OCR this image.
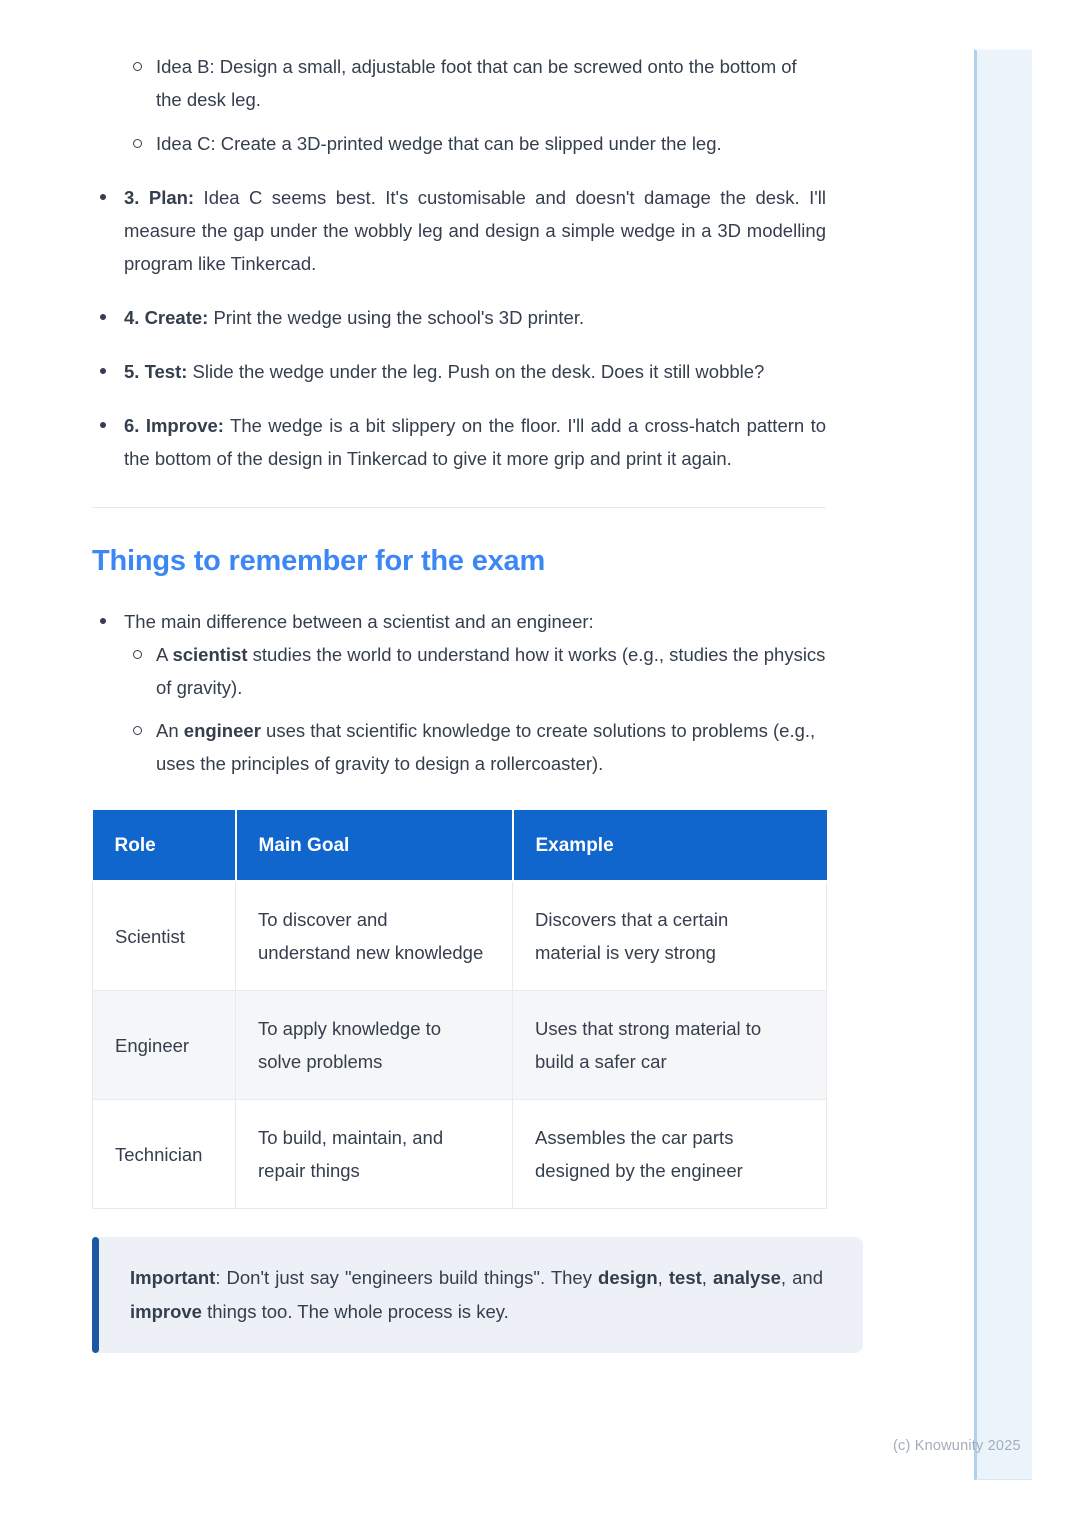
(c) Knowunity 2025
Idea B: Design a small, adjustable foot that can be screwed onto the bottom of the desk leg.
Idea C: Create a 3D-printed wedge that can be slipped under the leg.
3. Plan: Idea C seems best. It's customisable and doesn't damage the desk. I'll measure the gap under the wobbly leg and design a simple wedge in a 3D modelling program like Tinkercad.
4. Create: Print the wedge using the school's 3D printer.
5. Test: Slide the wedge under the leg. Push on the desk. Does it still wobble?
6. Improve: The wedge is a bit slippery on the floor. I'll add a cross-hatch pattern to the bottom of the design in Tinkercad to give it more grip and print it again.
Things to remember for the exam
The main difference between a scientist and an engineer:
A scientist studies the world to understand how it works (e.g., studies the physics of gravity).
An engineer uses that scientific knowledge to create solutions to problems (e.g., uses the principles of gravity to design a rollercoaster).
Role	Main Goal	Example
Scientist	To discover and understand new knowledge	Discovers that a certain material is very strong
Engineer	To apply knowledge to solve problems	Uses that strong material to build a safer car
Technician	To build, maintain, and repair things	Assembles the car parts designed by the engineer

Important: Don't just say "engineers build things". They design, test, analyse, and improve things too. The whole process is key.
